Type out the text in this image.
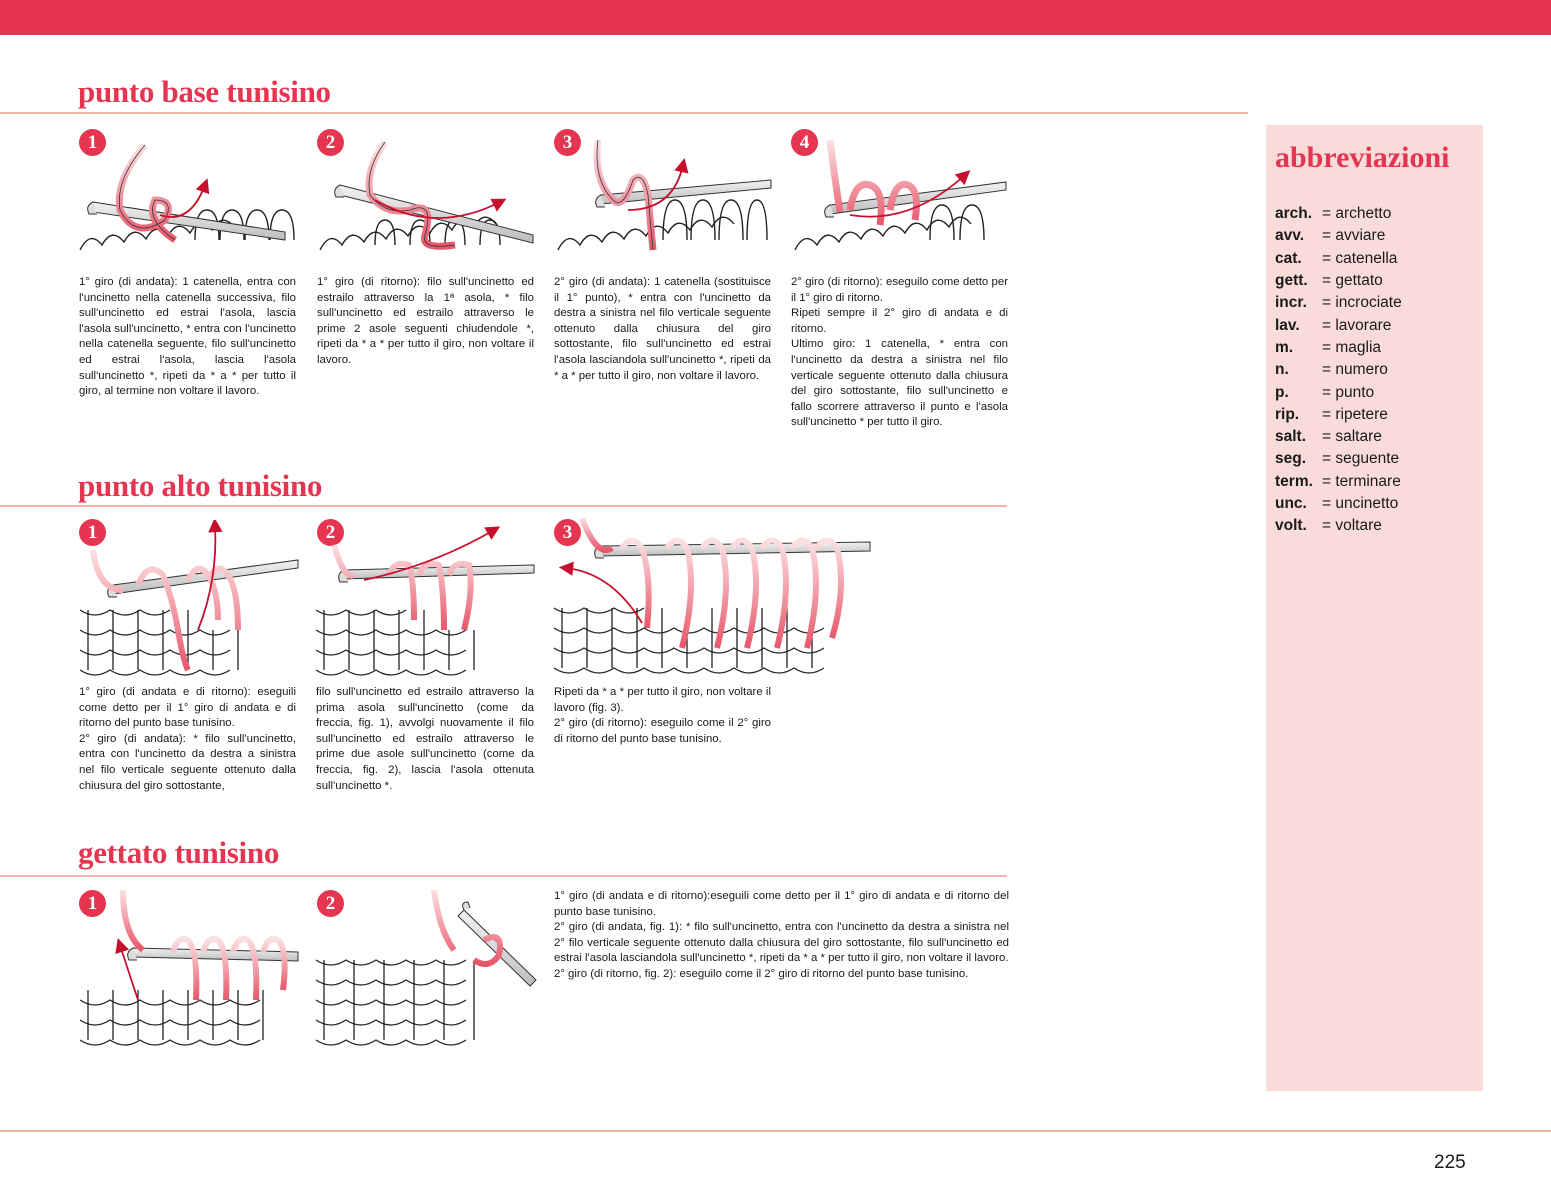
punto base tunisino
1
1° giro (di andata): 1 catenella, entra con l'uncinetto nella catenella successiva, filo sull'uncinetto ed estrai l'asola, lascia l'asola sull'uncinetto, * entra con l'uncinetto nella catenella seguente, filo sull'uncinetto ed estrai l'asola, lascia l'asola sull'uncinetto *, ripeti da * a * per tutto il giro, al termine non voltare il lavoro.
2
1° giro (di ritorno): filo sull'uncinetto ed estrailo attraverso la 1ª asola, * filo sull'uncinetto ed estrailo attraverso le prime 2 asole seguenti chiudendole *, ripeti da * a * per tutto il giro, non voltare il lavoro.
3
2° giro (di andata): 1 catenella (sostituisce il 1° punto), * entra con l'uncinetto da destra a sinistra nel filo verticale seguente ottenuto dalla chiusura del giro sottostante, filo sull'uncinetto ed estrai l'asola lasciandola sull'uncinetto *, ripeti da * a * per tutto il giro, non voltare il lavoro.
4

2° giro (di ritorno): eseguilo come detto per il 1° giro di ritorno.

Ripeti sempre il 2° giro di andata e di ritorno.

Ultimo giro: 1 catenella, * entra con l'uncinetto da destra a sinistra nel filo verticale seguente ottenuto dalla chiusura del giro sottostante, filo sull'uncinetto e fallo scorrere attraverso il punto e l'asola sull'uncinetto * per tutto il giro.

punto alto tunisino
1

1° giro (di andata e di ritorno): eseguili come detto per il 1° giro di andata e di ritorno del punto base tunisino.

2° giro (di andata): * filo sull'uncinetto, entra con l'uncinetto da destra a sinistra nel filo verticale seguente ottenuto dalla chiusura del giro sottostante,

2
filo sull'uncinetto ed estrailo attraverso la prima asola sull'uncinetto (come da freccia, fig. 1), avvolgi nuovamente il filo sull'uncinetto ed estrailo attraverso le prime due asole sull'uncinetto (come da freccia, fig. 2), lascia l'asola ottenuta sull'uncinetto *.
3

Ripeti da * a * per tutto il giro, non voltare il lavoro (fig. 3).

2° giro (di ritorno): eseguilo come il 2° giro di ritorno del punto base tunisino.

gettato tunisino
1	2	1° giro (di andata e di ritorno):eseguili come detto per il 1° giro di andata e di ritorno del punto base tunisino.

2° giro (di andata, fig. 1): * filo sull'uncinetto, entra con l'uncinetto da destra a sinistra nel 2° filo verticale seguente ottenuto dalla chiusura del giro sottostante, filo sull'uncinetto ed estrai l'asola lasciandola sull'uncinetto *, ripeti da * a * per tutto il giro, non voltare il lavoro.

2° giro (di ritorno, fig. 2): eseguilo come il 2° giro di ritorno del punto base tunisino.

abbreviazioni
arch. = archetto
avv.	= avviare
cat.	= catenella
gett. = gettato
incr. = incrociate
lav.	= lavorare
m.	= maglia
n.	= numero
p.	= punto
rip.	= ripetere
salt.	= saltare
seg.	= seguente
term. = terminare
unc. = uncinetto
volt. = voltare
225
